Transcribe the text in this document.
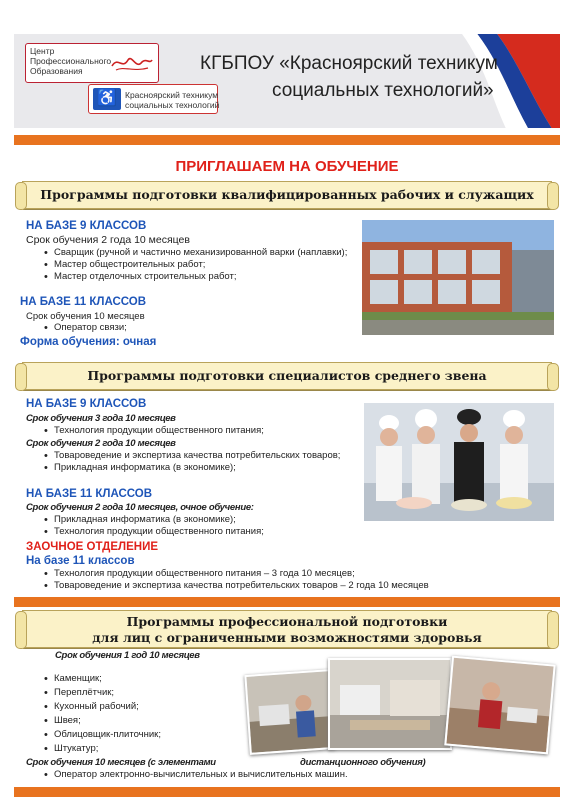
Центр
Профессионального
Образования
♿ Красноярский техникум
социальных технологий
КГБПОУ «Красноярский техникум
социальных технологий»
ПРИГЛАШАЕМ НА ОБУЧЕНИЕ
Программы подготовки квалифицированных рабочих и служащих
НА БАЗЕ 9 КЛАССОВ
Срок обучения 2 года 10 месяцев
• Сварщик (ручной и частично механизированной варки (наплавки);
• Мастер общестроительных работ;
• Мастер отделочных строительных работ;
НА БАЗЕ 11 КЛАССОВ
Срок обучения 10 месяцев
• Оператор связи;
Форма обучения: очная
Программы подготовки специалистов среднего звена
НА БАЗЕ 9 КЛАССОВ
Срок обучения 3 года 10 месяцев
• Технология продукции общественного питания;
Срок обучения 2 года 10 месяцев
• Товароведение и экспертиза качества потребительских товаров;
• Прикладная информатика (в экономике);
НА БАЗЕ 11 КЛАССОВ
Срок обучения 2 года 10 месяцев, очное обучение:
• Прикладная информатика (в экономике);
• Технология продукции общественного питания;
ЗАОЧНОЕ ОТДЕЛЕНИЕ
На базе 11 классов
• Технология продукции общественного питания – 3 года 10 месяцев;
• Товароведение и экспертиза качества потребительских товаров – 2 года 10 месяцев
Программы профессиональной подготовки
для лиц с ограниченными возможностями здоровья
Срок обучения 1 год 10 месяцев
• Каменщик;
• Переплётчик;
• Кухонный рабочий;
• Швея;
• Облицовщик-плиточник;
• Штукатур;
Срок обучения 10 месяцев (с элементами	дистанционного обучения)
• Оператор электронно-вычислительных и вычислительных машин.
